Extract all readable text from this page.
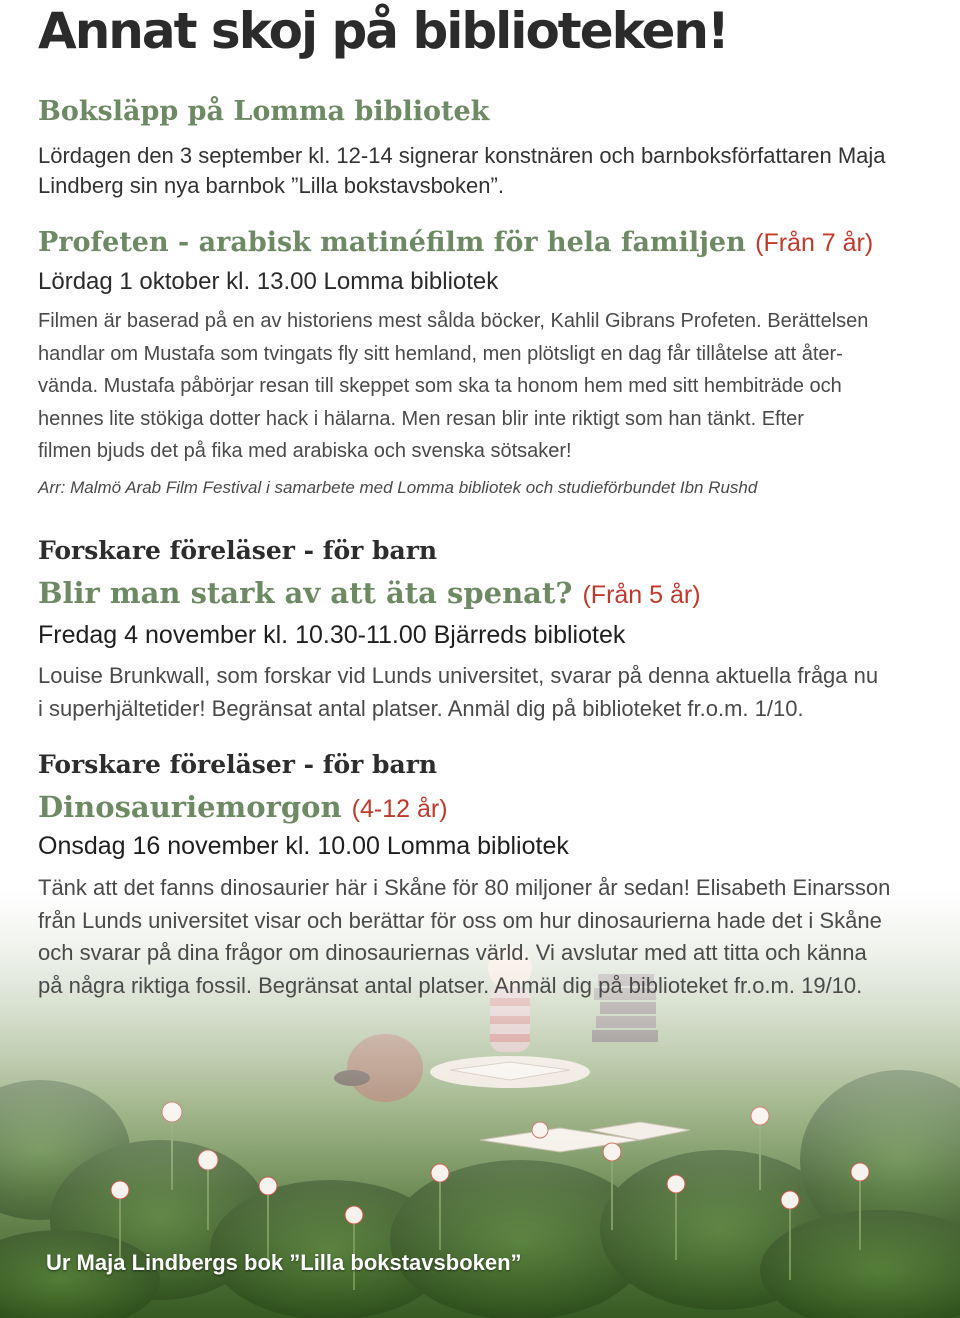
Annat skoj på biblioteken!
Boksläpp på Lomma bibliotek
Lördagen den 3 september kl. 12-14 signerar konstnären och barnboksförfattaren Maja
Lindberg sin nya barnbok ”Lilla bokstavsboken”.
Profeten - arabisk matinéfilm för hela familjen (Från 7 år)

Lördag 1 oktober kl. 13.00 Lomma bibliotek

Filmen är baserad på en av historiens mest sålda böcker, Kahlil Gibrans Profeten. Berättelsen
handlar om Mustafa som tvingats fly sitt hemland, men plötsligt en dag får tillåtelse att åter-
vända. Mustafa påbörjar resan till skeppet som ska ta honom hem med sitt hembiträde och
hennes lite stökiga dotter hack i hälarna. Men resan blir inte riktigt som han tänkt. Efter
filmen bjuds det på fika med arabiska och svenska sötsaker!

Arr: Malmö Arab Film Festival i samarbete med Lomma bibliotek och studieförbundet Ibn Rushd

Forskare föreläser - för barn
Blir man stark av att äta spenat? (Från 5 år)

Fredag 4 november kl. 10.30-11.00 Bjärreds bibliotek

Louise Brunkwall, som forskar vid Lunds universitet, svarar på denna aktuella fråga nu
i superhjältetider! Begränsat antal platser. Anmäl dig på biblioteket fr.o.m. 1/10.
Forskare föreläser - för barn
Dinosauriemorgon (4-12 år)

Onsdag 16 november kl. 10.00 Lomma bibliotek

Tänk att det fanns dinosaurier här i Skåne för 80 miljoner år sedan! Elisabeth Einarsson
från Lunds universitet visar och berättar för oss om hur dinosaurierna hade det i Skåne
och svarar på dina frågor om dinosauriernas värld. Vi avslutar med att titta och känna
på några riktiga fossil. Begränsat antal platser. Anmäl dig på biblioteket fr.o.m. 19/10.

Ur Maja Lindbergs bok ”Lilla bokstavsboken”
